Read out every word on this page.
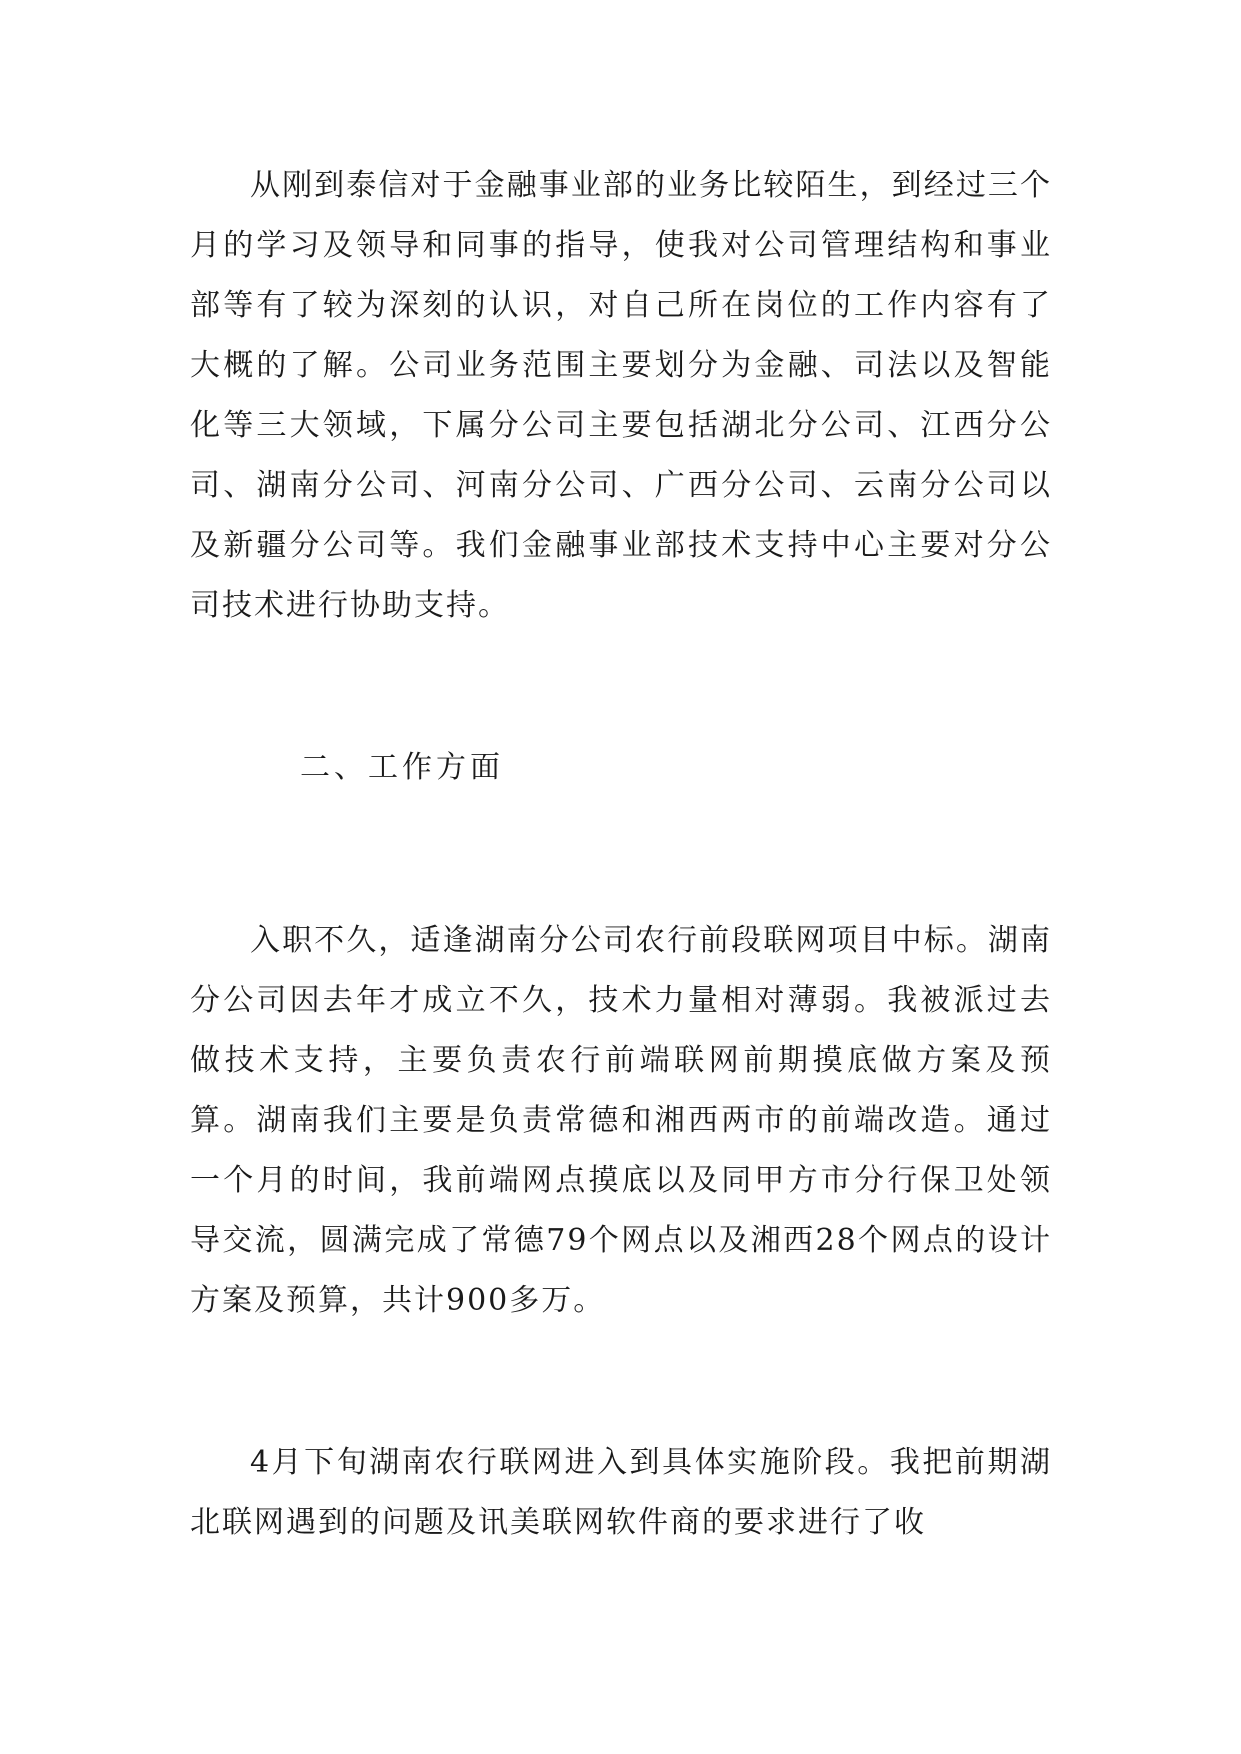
从刚到泰信对于金融事业部的业务比较陌生，到经过三个月的学习及领导和同事的指导，使我对公司管理结构和事业部等有了较为深刻的认识，对自己所在岗位的工作内容有了大概的了解。公司业务范围主要划分为金融、司法以及智能化等三大领域，下属分公司主要包括湖北分公司、江西分公司、湖南分公司、河南分公司、广西分公司、云南分公司以及新疆分公司等。我们金融事业部技术支持中心主要对分公司技术进行协助支持。

二、工作方面

入职不久，适逢湖南分公司农行前段联网项目中标。湖南分公司因去年才成立不久，技术力量相对薄弱。我被派过去做技术支持，主要负责农行前端联网前期摸底做方案及预算。湖南我们主要是负责常德和湘西两市的前端改造。通过一个月的时间，我前端网点摸底以及同甲方市分行保卫处领导交流，圆满完成了常德79个网点以及湘西28个网点的设计方案及预算，共计900多万。

4月下旬湖南农行联网进入到具体实施阶段。我把前期湖北联网遇到的问题及讯美联网软件商的要求进行了收
